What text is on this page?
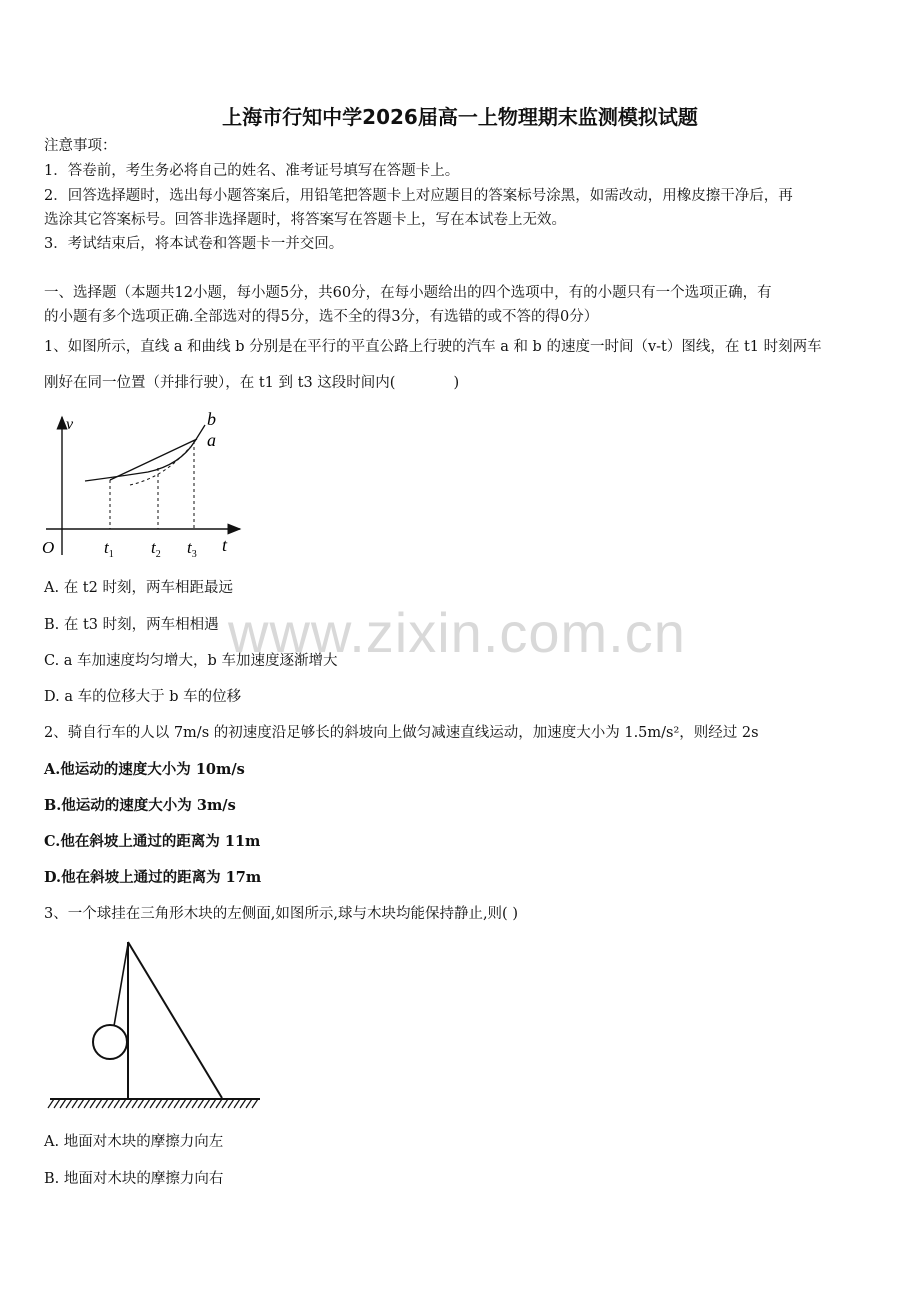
上海市行知中学2026届高一上物理期末监测模拟试题
注意事项：
1．答卷前，考生务必将自己的姓名、准考证号填写在答题卡上。
2．回答选择题时，选出每小题答案后，用铅笔把答题卡上对应题目的答案标号涂黑，如需改动，用橡皮擦干净后，再
选涂其它答案标号。回答非选择题时，将答案写在答题卡上，写在本试卷上无效。
3．考试结束后，将本试卷和答题卡一并交回。
一、选择题（本题共12小题，每小题5分，共60分，在每小题给出的四个选项中，有的小题只有一个选项正确，有
的小题有多个选项正确.全部选对的得5分，选不全的得3分，有选错的或不答的得0分）
1、如图所示，直线 a 和曲线 b 分别是在平行的平直公路上行驶的汽车 a 和 b 的速度一时间（v-t）图线，在 t1 时刻两车
刚好在同一位置（并排行驶），在 t1 到 t3 这段时间内(　　　　)
v	b
a
O	$t_1$ $t_2$ $t_3$ t
A. 在 t2 时刻，两车相距最远
B. 在 t3 时刻，两车相相遇
C. a 车加速度均匀增大，b 车加速度逐渐增大
D. a 车的位移大于 b 车的位移
www.zixin.com.cn
2、骑自行车的人以 7m/s 的初速度沿足够长的斜坡向上做匀减速直线运动，加速度大小为 1.5m/s²，则经过 2s
A.他运动的速度大小为 10m/s
B.他运动的速度大小为 3m/s
C.他在斜坡上通过的距离为 11m
D.他在斜坡上通过的距离为 17m
3、一个球挂在三角形木块的左侧面,如图所示,球与木块均能保持静止,则( )
A. 地面对木块的摩擦力向左
B. 地面对木块的摩擦力向右
